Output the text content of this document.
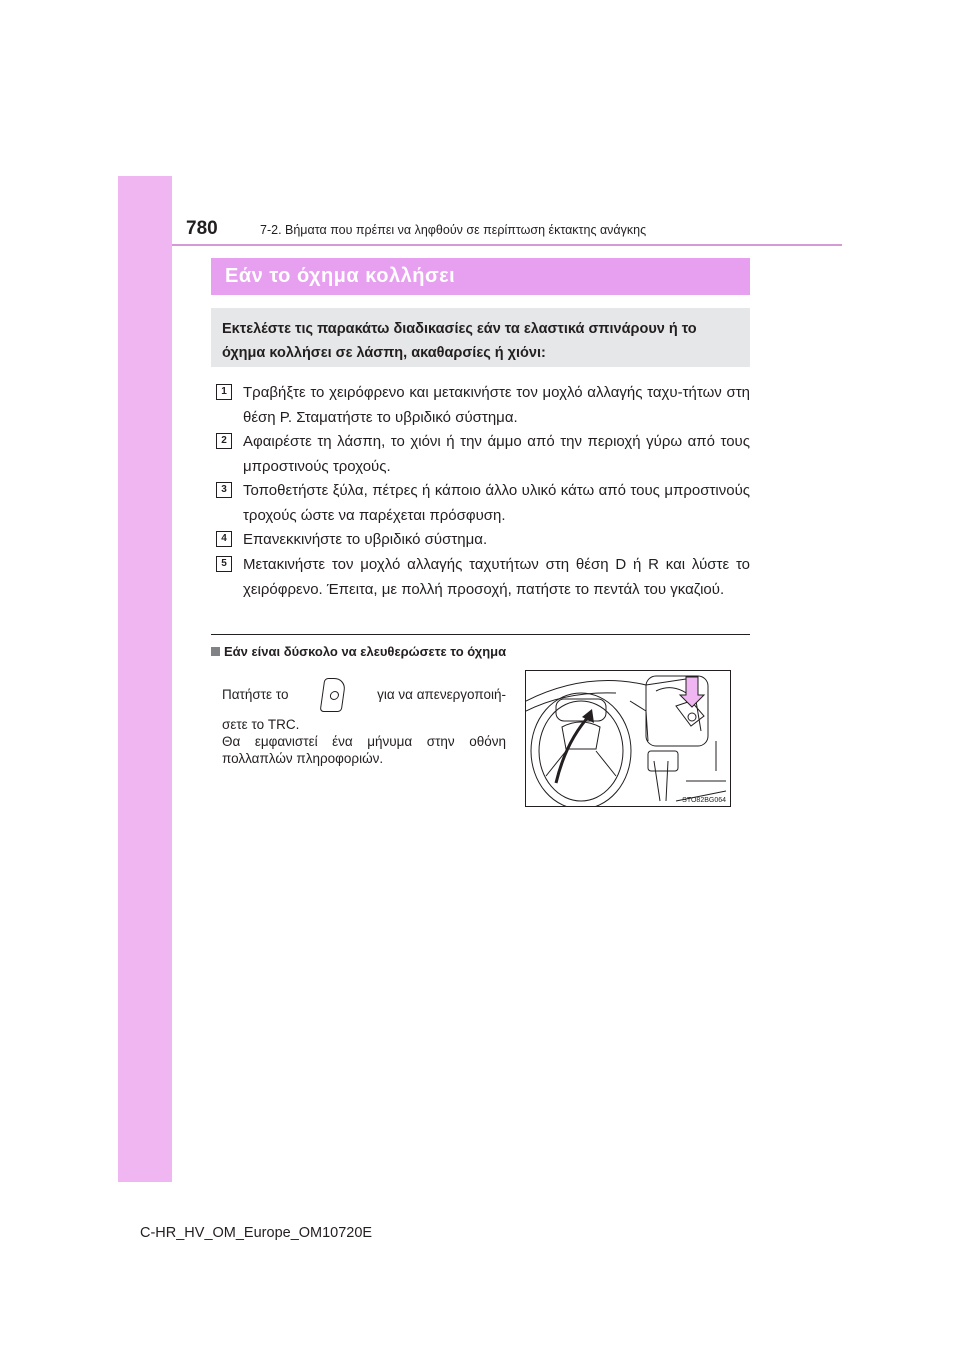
780	7-2. Βήματα που πρέπει να ληφθούν σε περίπτωση έκτακτης ανάγκης
Εάν το όχημα κολλήσει
Εκτελέστε τις παρακάτω διαδικασίες εάν τα ελαστικά σπινάρουν ή το όχημα κολλήσει σε λάσπη, ακαθαρσίες ή χιόνι:
1	Τραβήξτε το χειρόφρενο και μετακινήστε τον μοχλό αλλαγής ταχυ-τήτων στη θέση P. Σταματήστε το υβριδικό σύστημα.
2	Αφαιρέστε τη λάσπη, το χιόνι ή την άμμο από την περιοχή γύρω από τους μπροστινούς τροχούς.
3	Τοποθετήστε ξύλα, πέτρες ή κάποιο άλλο υλικό κάτω από τους μπροστινούς τροχούς ώστε να παρέχεται πρόσφυση.
4	Επανεκκινήστε το υβριδικό σύστημα.
5	Μετακινήστε τον μοχλό αλλαγής ταχυτήτων στη θέση D ή R και λύστε το χειρόφρενο. Έπειτα, με πολλή προσοχή, πατήστε το πεντάλ του γκαζιού.
Εάν είναι δύσκολο να ελευθερώσετε το όχημα
Πατήστε το	για να απενεργοποιή-
σετε το TRC.
Θα εμφανιστεί ένα μήνυμα στην οθόνη πολλαπλών πληροφοριών.
STO82BG064
C-HR_HV_OM_Europe_OM10720E
